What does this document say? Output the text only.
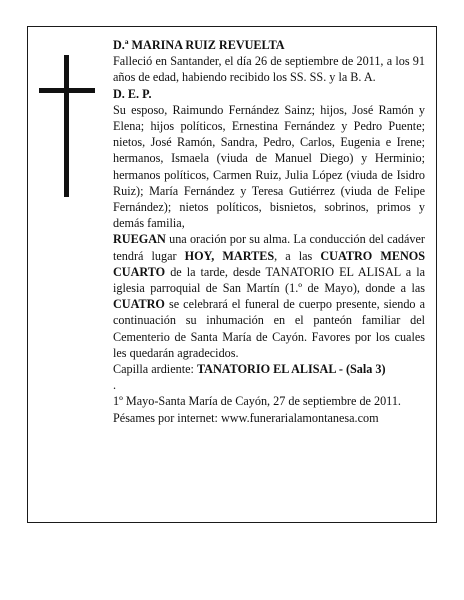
D.ª MARINA RUIZ REVUELTA

Falleció en Santander, el día 26 de septiembre de 2011, a los 91 años de edad, habiendo recibido los SS. SS. y la B. A.

D. E. P.

Su esposo, Raimundo Fernández Sainz; hijos, José Ramón y Elena; hijos políticos, Ernestina Fernández y Pedro Puente; nietos, José Ramón, Sandra, Pedro, Carlos, Eugenia e Irene; hermanos, Ismaela (viuda de Manuel Diego) y Herminio; hermanos políticos, Carmen Ruiz, Julia López (viuda de Isidro Ruiz); María Fernández y Teresa Gutiérrez (viuda de Felipe Fernández); nietos políticos, bisnietos, sobrinos, primos y demás familia,

RUEGAN una oración por su alma. La conducción del cadáver tendrá lugar HOY, MARTES, a las CUATRO MENOS CUARTO de la tarde, desde TANATORIO EL ALISAL a la iglesia parroquial de San Martín (1.º de Mayo), donde a las CUATRO se celebrará el funeral de cuerpo presente, siendo a continuación su inhumación en el panteón familiar del Cementerio de Santa María de Cayón. Favores por los cuales les quedarán agradecidos.

Capilla ardiente: TANATORIO EL ALISAL - (Sala 3)

.

1º Mayo-Santa María de Cayón, 27 de septiembre de 2011.

Pésames por internet: www.funerarialamontanesa.com
